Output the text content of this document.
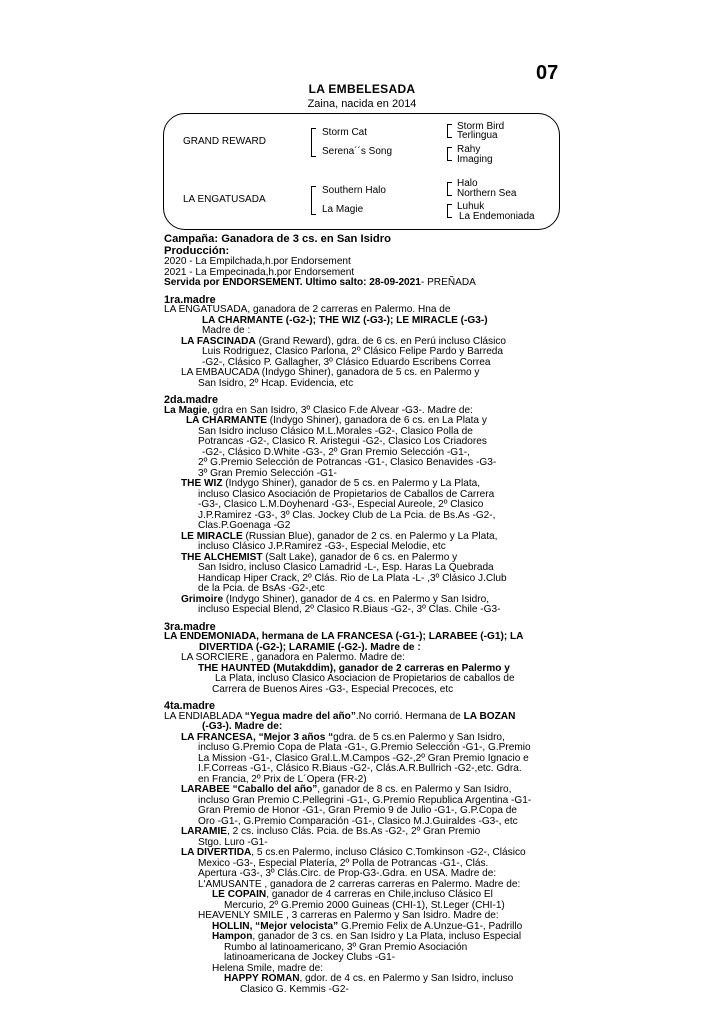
07
LA EMBELESADA
Zaina, nacida en 2014
GRAND REWARD
LA ENGATUSADA
Storm Cat
Serena´´s Song
Southern Halo
La Magie
Storm Bird
Terlingua
Rahy
Imaging
Halo
Northern Sea
Luhuk
La Endemoniada
Campaña: Ganadora de 3 cs. en San Isidro
Producción:
2020 - La Empilchada,h.por Endorsement
2021 - La Empecinada,h.por Endorsement
Servida por ENDORSEMENT. Ultimo salto: 28-09-2021- PREÑADA
1ra.madre
LA ENGATUSADA, ganadora de 2 carreras en Palermo. Hna de
LA CHARMANTE (-G2-); THE WIZ (-G3-); LE MIRACLE (-G3-)
Madre de :
LA FASCINADA (Grand Reward), gdra. de 6 cs. en Perú incluso Clásico
Luis Rodriguez, Clasico Parlona, 2º Clásico Felipe Pardo y Barreda
-G2-, Clásico P. Gallagher, 3º Clásico Eduardo Escribens Correa
LA EMBAUCADA (Indygo Shiner), ganadora de 5 cs. en Palermo y
San Isidro, 2º Hcap. Evidencia, etc
2da.madre
La Magie, gdra en San Isidro, 3º Clasico F.de Alvear -G3-. Madre de:
LA CHARMANTE (Indygo Shiner), ganadora de 6 cs. en La Plata y
San Isidro incluso Clásico M.L.Morales -G2-, Clasico Polla de
Potrancas -G2-, Clasico R. Aristegui -G2-, Clasico Los Criadores
-G2-, Clásico D.White -G3-, 2º Gran Premio Selección -G1-,
2º G.Premio Selección de Potrancas -G1-, Clasico Benavides -G3-
3º Gran Premio Selección -G1-
THE WIZ (Indygo Shiner), ganador de 5 cs. en Palermo y La Plata,
incluso Clasico Asociación de Propietarios de Caballos de Carrera
-G3-, Clasico L.M.Doyhenard -G3-, Especial Aureole, 2º Clasico
J.P.Ramirez -G3-, 3º Clas. Jockey Club de La Pcia. de Bs.As -G2-,
Clas.P.Goenaga -G2
LE MIRACLE (Russian Blue), ganador de 2 cs. en Palermo y La Plata,
incluso Clásico J.P.Ramirez -G3-, Especial Melodie, etc
THE ALCHEMIST (Salt Lake), ganador de 6 cs. en Palermo y
San Isidro, incluso Clasico Lamadrid -L-, Esp. Haras La Quebrada
Handicap Hiper Crack, 2º Clás. Rio de La Plata -L- ,3º Clásico J.Club
de la Pcia. de BsAs -G2-,etc
Grimoire (Indygo Shiner), ganador de 4 cs. en Palermo y San Isidro,
incluso Especial Blend, 2º Clasico R.Biaus -G2-, 3º Clas. Chile -G3-
3ra.madre
LA ENDEMONIADA, hermana de LA FRANCESA (-G1-); LARABEE (-G1); LA
DIVERTIDA (-G2-); LARAMIE (-G2-). Madre de :
LA SORCIERE , ganadora en Palermo. Madre de:
THE HAUNTED (Mutakddim), ganador de 2 carreras en Palermo y
La Plata, incluso Clasico Asociacion de Propietarios de caballos de
Carrera de Buenos Aires -G3-, Especial Precoces, etc
4ta.madre
LA ENDIABLADA “Yegua madre del año”.No corrió. Hermana de LA BOZAN
(-G3-). Madre de:
LA FRANCESA, “Mejor 3 años “gdra. de 5 cs.en Palermo y San Isidro,
incluso G.Premio Copa de Plata -G1-, G.Premio Selección -G1-, G.Premio
La Mission -G1-, Clasico Gral.L.M.Campos -G2-,2º Gran Premio Ignacio e
I.F.Correas -G1-, Clásico R.Biaus -G2-, Clás.A.R.Bullrich -G2-,etc. Gdra.
en Francia, 2º Prix de L´Opera (FR-2)
LARABEE “Caballo del año”, ganador de 8 cs. en Palermo y San Isidro,
incluso Gran Premio C.Pellegrini -G1-, G.Premio Republica Argentina -G1-
Gran Premio de Honor -G1-, Gran Premio 9 de Julio -G1-, G.P.Copa de
Oro -G1-, G.Premio Comparación -G1-, Clasico M.J.Guiraldes -G3-, etc
LARAMIE, 2 cs. incluso Clás. Pcia. de Bs.As -G2-, 2º Gran Premio
Stgo. Luro -G1-
LA DIVERTIDA, 5 cs.en Palermo, incluso Clásico C.Tomkinson -G2-, Clásico
Mexico -G3-, Especial Platería, 2º Polla de Potrancas -G1-, Clás.
Apertura -G3-, 3º Clás.Circ. de Prop-G3-.Gdra. en USA. Madre de:
L'AMUSANTE , ganadora de 2 carreras carreras en Palermo. Madre de:
LE COPAIN, ganador de 4 carreras en Chile,incluso Clásico El
Mercurio, 2º G.Premio 2000 Guineas (CHI-1), St.Leger (CHI-1)
HEAVENLY SMILE , 3 carreras en Palermo y San Isidro. Madre de:
HOLLIN, “Mejor velocista” G.Premio Felix de A.Unzue-G1-, Padrillo
Hampon, ganador de 3 cs. en San Isidro y La Plata, incluso Especial
Rumbo al latinoamericano, 3º Gran Premio Asociación
latinoamericana de Jockey Clubs -G1-
Helena Smile, madre de:
HAPPY ROMAN, gdor. de 4 cs. en Palermo y San Isidro, incluso
Clasico G. Kemmis -G2-
